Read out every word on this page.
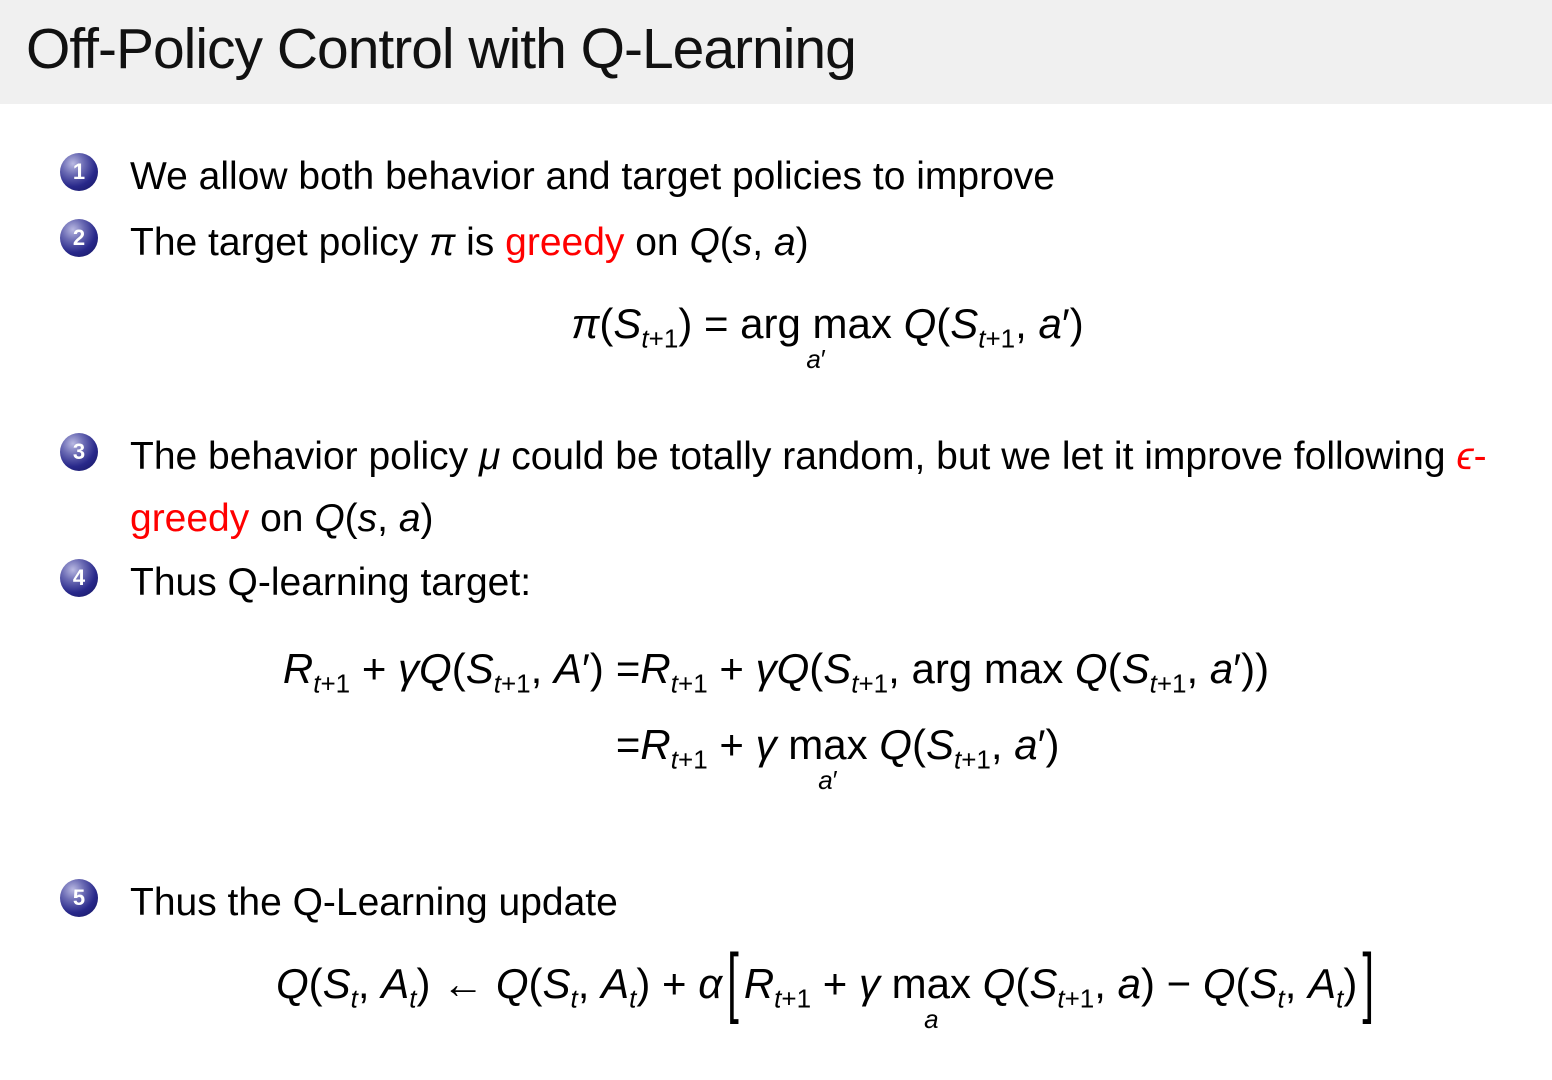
Off-Policy Control with Q-Learning
1 We allow both behavior and target policies to improve
2 The target policy π is greedy on Q(s, a)
$\pi(S_{t+1})$ = arg max
a′
$Q(S_{t+1}$, a′)
3 The behavior policy μ could be totally random, but we let it improve following ϵ-greedy on Q(s, a)
4 Thus Q-learning target:
$R_{t+1} + \gamma Q(S_{t+1}$, $A') =R_{t+1} + \gamma Q(S_{t+1}$, arg $\max Q(S_{t+1}$, a′))
$=R_{t+1} + \gamma$ max
a′
$Q(S_{t+1}$, a′)
5 Thus the Q-Learning update
$Q(S_t$, $A_t$) ← $Q(S_t$, $A_t) + \alpha$ [ $R_{t+1} + \gamma$ max
a
$Q(S_{t+1}$, $a) - Q(S_t$, $A_t$) ]
